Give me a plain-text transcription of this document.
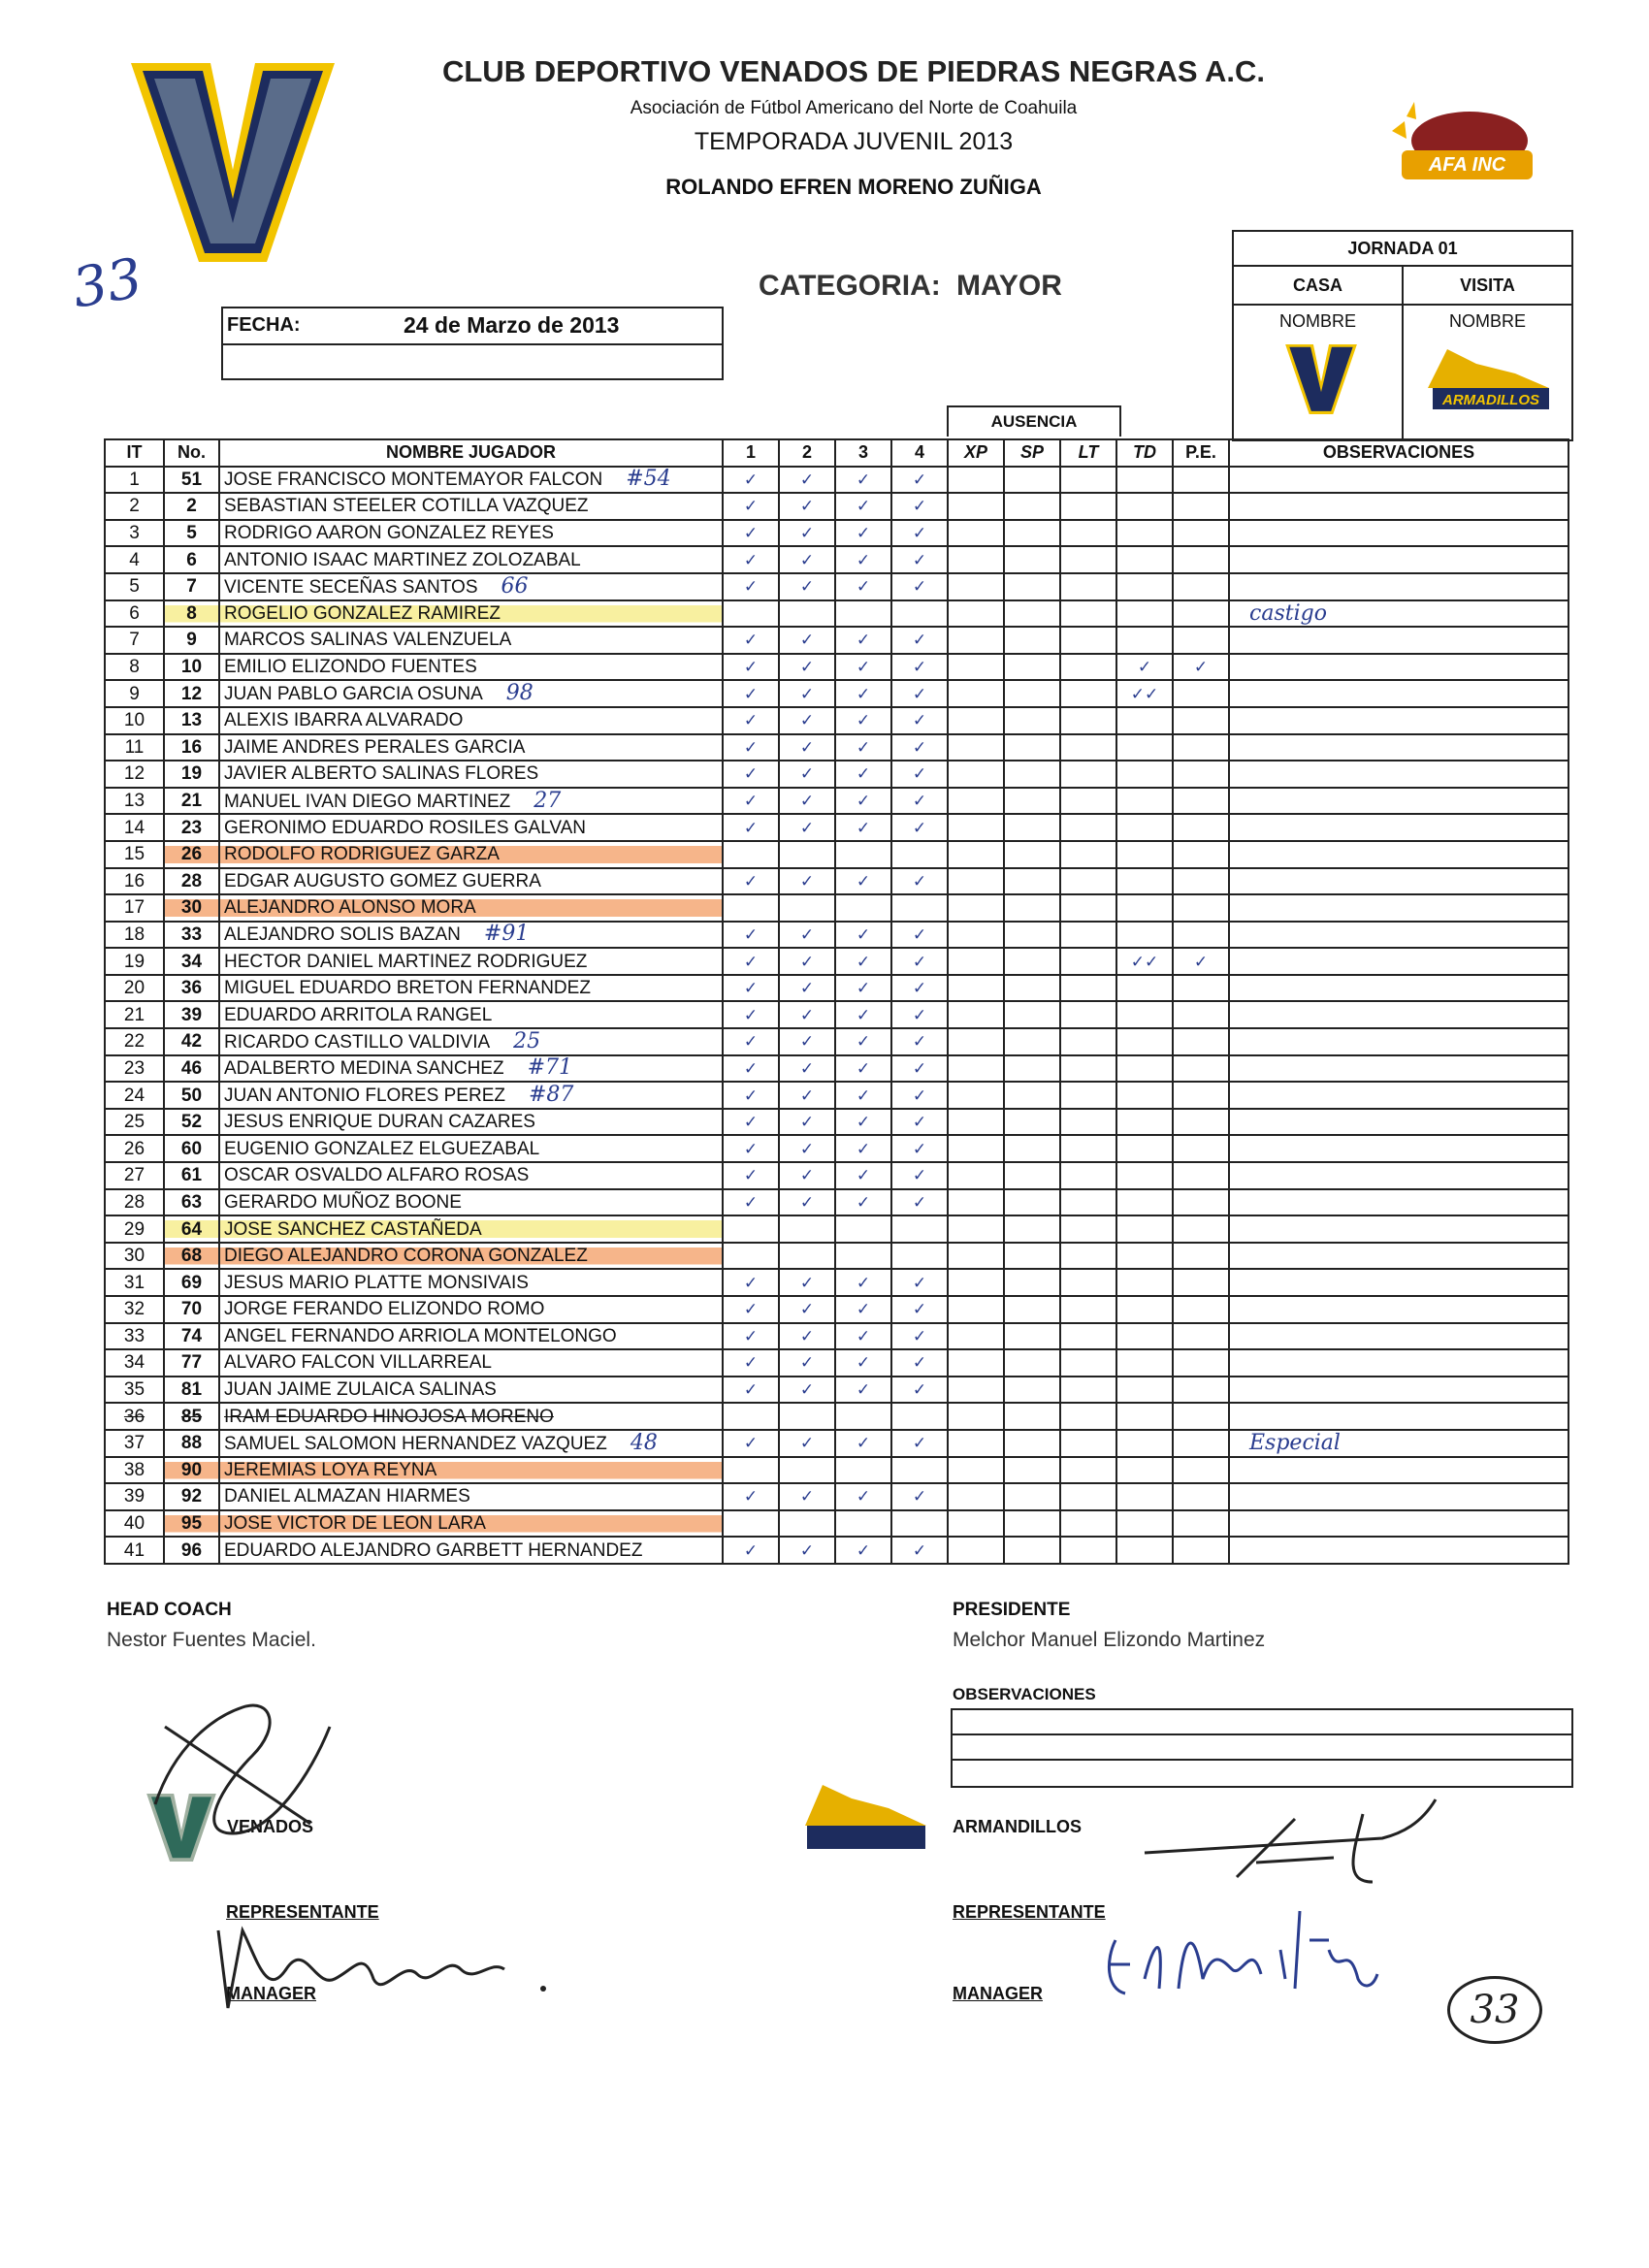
CLUB DEPORTIVO VENADOS DE PIEDRAS NEGRAS A.C.
Asociación de Fútbol Americano del Norte de Coahuila
TEMPORADA JUVENIL 2013
ROLANDO EFREN MORENO ZUÑIGA
AFA INC
33	CATEGORIA: MAYOR
FECHA:	24 de Marzo de 2013
JORNADA 01
CASA	VISITA
NOMBRE	NOMBRE
ARMADILLOS
AUSENCIA
IT	No.	NOMBRE JUGADOR	1	2	3	4	XP	SP	LT	TD	P.E.	OBSERVACIONES
1	51	JOSE FRANCISCO MONTEMAYOR FALCON #54	✓	✓	✓	✓						
2	2	SEBASTIAN STEELER COTILLA VAZQUEZ	✓	✓	✓	✓						
3	5	RODRIGO AARON GONZALEZ REYES	✓	✓	✓	✓						
4	6	ANTONIO ISAAC MARTINEZ ZOLOZABAL	✓	✓	✓	✓						
5	7	VICENTE SECEÑAS SANTOS 66	✓	✓	✓	✓						
6	8	ROGELIO GONZALEZ RAMIREZ										castigo
7	9	MARCOS SALINAS VALENZUELA	✓	✓	✓	✓						
8	10	EMILIO ELIZONDO FUENTES	✓	✓	✓	✓				✓	✓	
9	12	JUAN PABLO GARCIA OSUNA 98	✓	✓	✓	✓				✓✓		
10	13	ALEXIS IBARRA ALVARADO	✓	✓	✓	✓						
11	16	JAIME ANDRES PERALES GARCIA	✓	✓	✓	✓						
12	19	JAVIER ALBERTO SALINAS FLORES	✓	✓	✓	✓						
13	21	MANUEL IVAN DIEGO MARTINEZ 27	✓	✓	✓	✓						
14	23	GERONIMO EDUARDO ROSILES GALVAN	✓	✓	✓	✓						
15	26	RODOLFO RODRIGUEZ GARZA										
16	28	EDGAR AUGUSTO GOMEZ GUERRA	✓	✓	✓	✓						
17	30	ALEJANDRO ALONSO MORA										
18	33	ALEJANDRO SOLIS BAZAN #91	✓	✓	✓	✓						
19	34	HECTOR DANIEL MARTINEZ RODRIGUEZ	✓	✓	✓	✓				✓✓	✓	
20	36	MIGUEL EDUARDO BRETON FERNANDEZ	✓	✓	✓	✓						
21	39	EDUARDO ARRITOLA RANGEL	✓	✓	✓	✓						
22	42	RICARDO CASTILLO VALDIVIA 25	✓	✓	✓	✓						
23	46	ADALBERTO MEDINA SANCHEZ #71	✓	✓	✓	✓						
24	50	JUAN ANTONIO FLORES PEREZ #87	✓	✓	✓	✓						
25	52	JESUS ENRIQUE DURAN CAZARES	✓	✓	✓	✓						
26	60	EUGENIO GONZALEZ ELGUEZABAL	✓	✓	✓	✓						
27	61	OSCAR OSVALDO ALFARO ROSAS	✓	✓	✓	✓						
28	63	GERARDO MUÑOZ BOONE	✓	✓	✓	✓						
29	64	JOSE SANCHEZ CASTAÑEDA										
30	68	DIEGO ALEJANDRO CORONA GONZALEZ										
31	69	JESUS MARIO PLATTE MONSIVAIS	✓	✓	✓	✓						
32	70	JORGE FERANDO ELIZONDO ROMO	✓	✓	✓	✓						
33	74	ANGEL FERNANDO ARRIOLA MONTELONGO	✓	✓	✓	✓						
34	77	ALVARO FALCON VILLARREAL	✓	✓	✓	✓						
35	81	JUAN JAIME ZULAICA SALINAS	✓	✓	✓	✓						
36	85	IRAM EDUARDO HINOJOSA MORENO										
37	88	SAMUEL SALOMON HERNANDEZ VAZQUEZ 48	✓	✓	✓	✓						Especial
38	90	JEREMIAS LOYA REYNA										
39	92	DANIEL ALMAZAN HIARMES	✓	✓	✓	✓						
40	95	JOSE VICTOR DE LEON LARA										
41	96	EDUARDO ALEJANDRO GARBETT HERNANDEZ	✓	✓	✓	✓						
HEAD COACH
Nestor Fuentes Maciel.
PRESIDENTE
Melchor Manuel Elizondo Martinez
OBSERVACIONES
VENADOS	ARMANDILLOS
REPRESENTANTE
MANAGER
REPRESENTANTE
MANAGER	33
